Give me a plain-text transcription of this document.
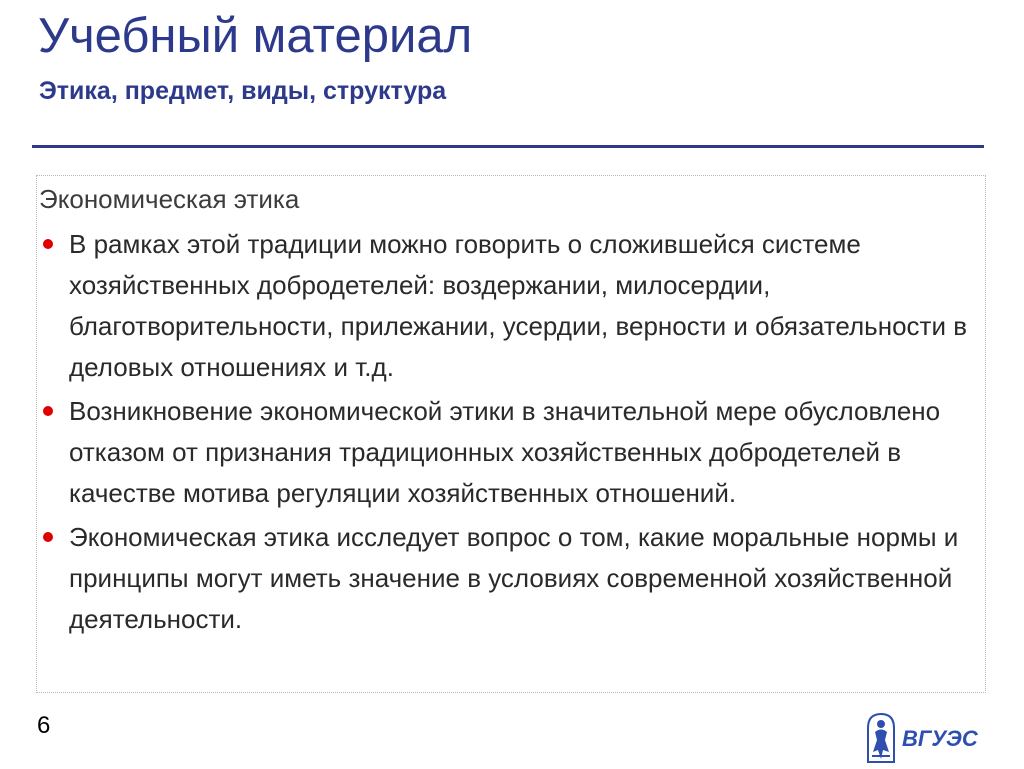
Учебный материал
Этика, предмет, виды, структура
Экономическая этика
В рамках этой традиции можно говорить о сложившейся системе хозяйственных добродетелей: воздержании, милосердии, благотворительности, прилежании, усердии, верности и обязательности в деловых отношениях и т.д.
Возникновение экономической этики в значительной мере обусловлено отказом от признания традиционных хозяйственных добродетелей в качестве мотива регуляции хозяйственных отношений.
Экономическая этика исследует вопрос о том, какие моральные нормы и принципы могут иметь значение в условиях современной хозяйственной деятельности.
6	ВГУЭС
